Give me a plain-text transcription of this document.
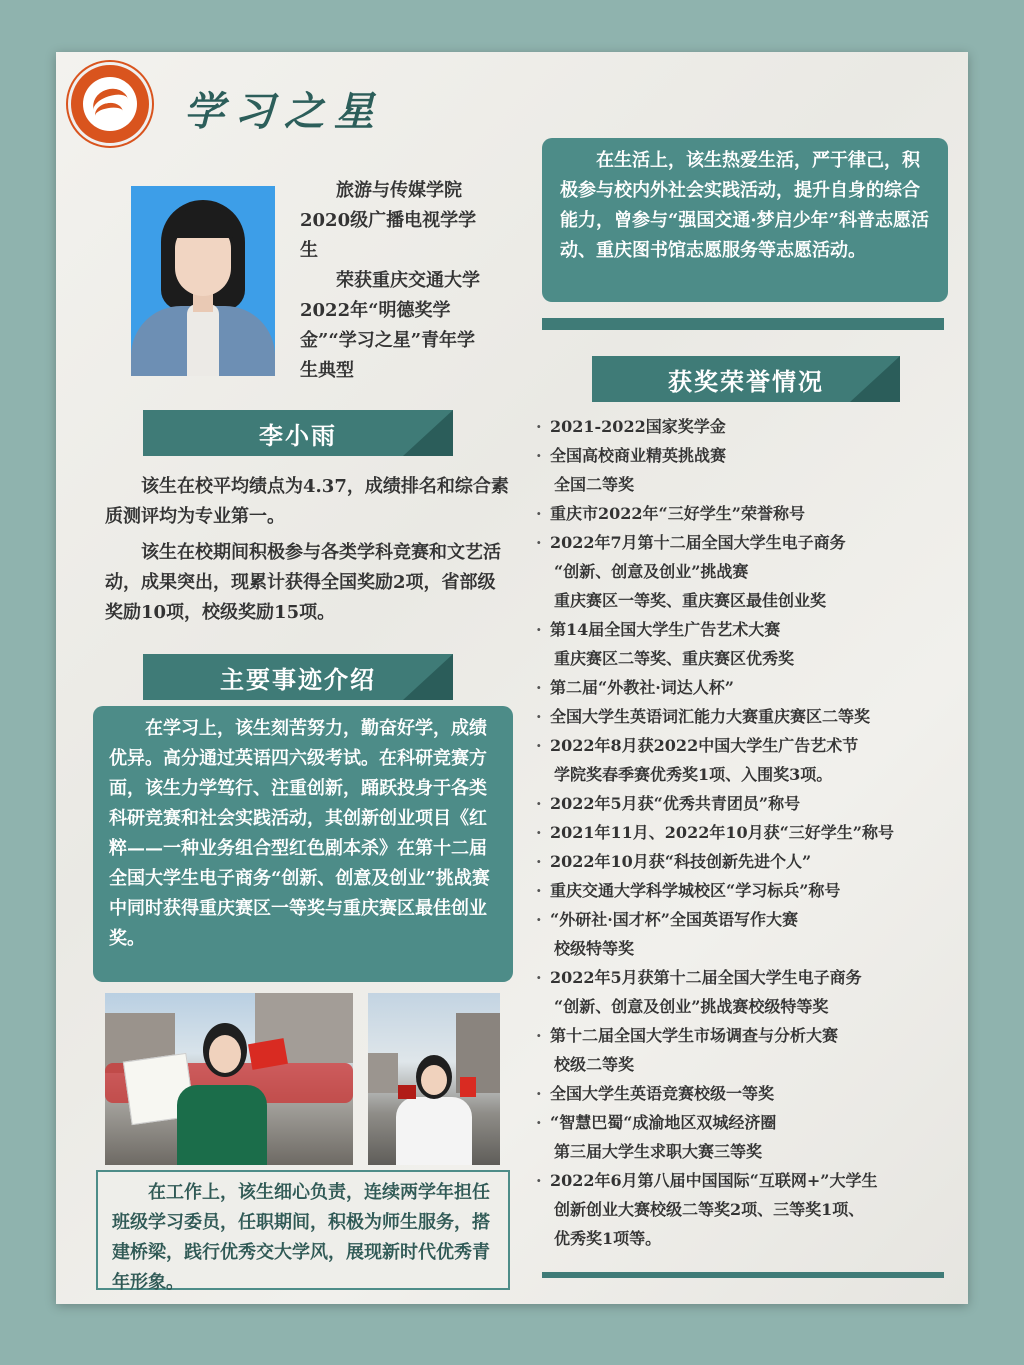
学习之星

旅游与传媒学院2020级广播电视学学生

荣获重庆交通大学2022年“明德奖学金”“学习之星”青年学生典型

李小雨

该生在校平均绩点为4.37，成绩排名和综合素质测评均为专业第一。

该生在校期间积极参与各类学科竞赛和文艺活动，成果突出，现累计获得全国奖励2项，省部级奖励10项，校级奖励15项。

主要事迹介绍

在学习上，该生刻苦努力，勤奋好学，成绩优异。高分通过英语四六级考试。在科研竞赛方面，该生力学笃行、注重创新，踊跃投身于各类科研竞赛和社会实践活动，其创新创业项目《红粹——一种业务组合型红色剧本杀》在第十二届全国大学生电子商务“创新、创意及创业”挑战赛中同时获得重庆赛区一等奖与重庆赛区最佳创业奖。

在工作上，该生细心负责，连续两学年担任班级学习委员，任职期间，积极为师生服务，搭建桥梁，践行优秀交大学风，展现新时代优秀青年形象。

在生活上，该生热爱生活，严于律己，积极参与校内外社会实践活动，提升自身的综合能力，曾参与“强国交通·梦启少年”科普志愿活动、重庆图书馆志愿服务等志愿活动。

获奖荣誉情况
· 2021-2022国家奖学金
· 全国高校商业精英挑战赛
全国二等奖
· 重庆市2022年“三好学生”荣誉称号
· 2022年7月第十二届全国大学生电子商务
“创新、创意及创业”挑战赛
重庆赛区一等奖、重庆赛区最佳创业奖
· 第14届全国大学生广告艺术大赛
重庆赛区二等奖、重庆赛区优秀奖
· 第二届“外教社·词达人杯”
· 全国大学生英语词汇能力大赛重庆赛区二等奖
· 2022年8月获2022中国大学生广告艺术节
学院奖春季赛优秀奖1项、入围奖3项。
· 2022年5月获“优秀共青团员”称号
· 2021年11月、2022年10月获“三好学生”称号
· 2022年10月获“科技创新先进个人”
· 重庆交通大学科学城校区“学习标兵”称号
· “外研社·国才杯”全国英语写作大赛
校级特等奖
· 2022年5月获第十二届全国大学生电子商务
“创新、创意及创业”挑战赛校级特等奖
· 第十二届全国大学生市场调查与分析大赛
校级二等奖
· 全国大学生英语竞赛校级一等奖
· “智慧巴蜀“成渝地区双城经济圈
第三届大学生求职大赛三等奖
· 2022年6月第八届中国国际“互联网+”大学生
创新创业大赛校级二等奖2项、三等奖1项、
优秀奖1项等。
